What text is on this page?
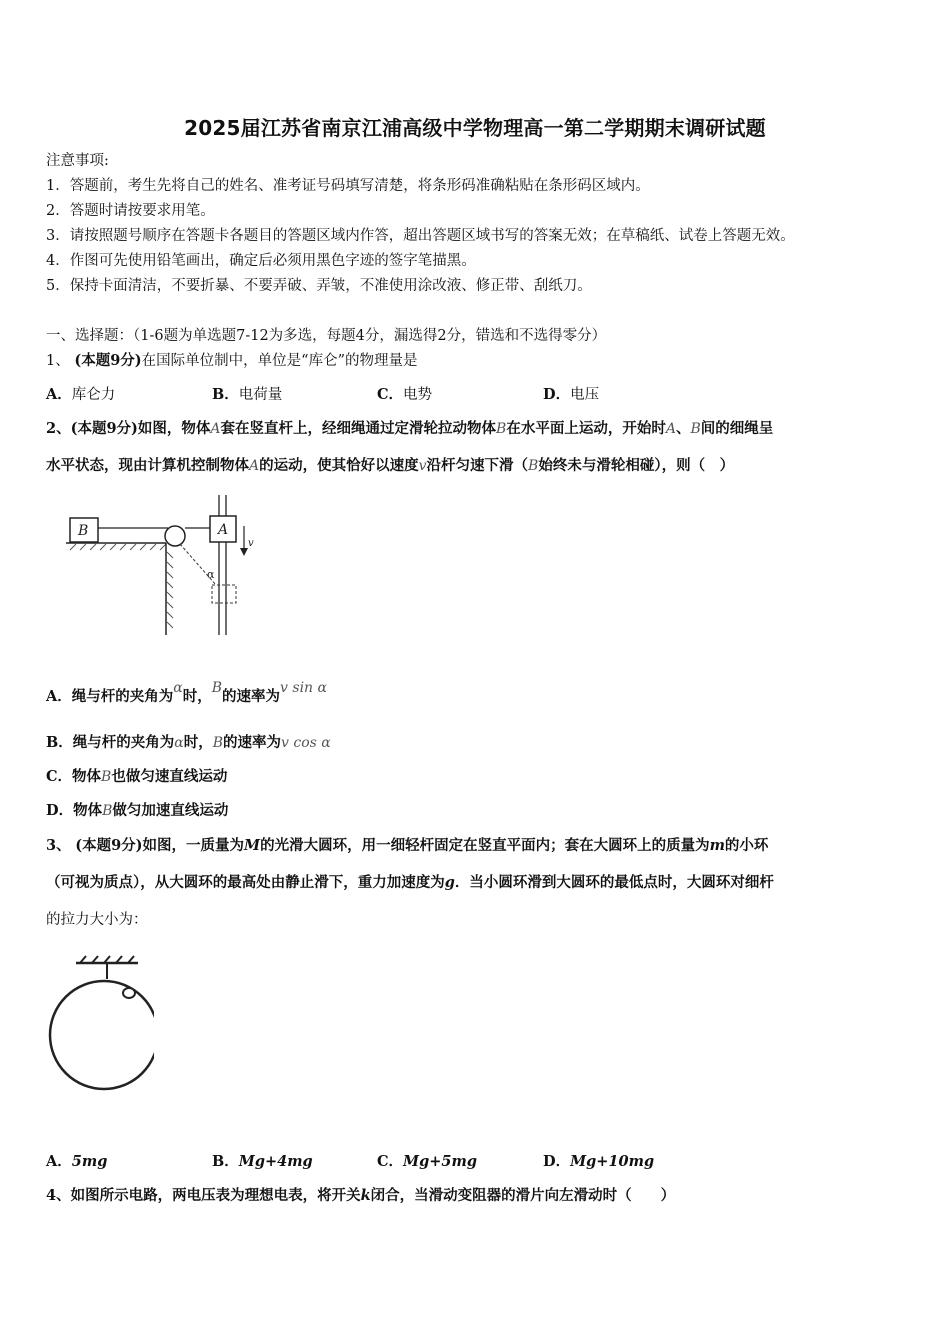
2025届江苏省南京江浦高级中学物理高一第二学期期末调研试题
注意事项:
1．答题前，考生先将自己的姓名、准考证号码填写清楚，将条形码准确粘贴在条形码区域内。
2．答题时请按要求用笔。
3．请按照题号顺序在答题卡各题目的答题区域内作答，超出答题区域书写的答案无效；在草稿纸、试卷上答题无效。
4．作图可先使用铅笔画出，确定后必须用黑色字迹的签字笔描黑。
5．保持卡面清洁，不要折暴、不要弄破、弄皱，不准使用涂改液、修正带、刮纸刀。
一、选择题：（1-6题为单选题7-12为多选，每题4分，漏选得2分，错选和不选得零分）
1、 (本题9分)在国际单位制中，单位是“库仑”的物理量是
A．库仑力	B．电荷量	C．电势	D．电压
2、(本题9分)如图，物体A套在竖直杆上，经细绳通过定滑轮拉动物体B在水平面上运动，开始时A、B间的细绳呈
水平状态，现由计算机控制物体A的运动，使其恰好以速度v沿杆匀速下滑（B始终未与滑轮相碰），则（　）
B	A
v
α
A．绳与杆的夹角为α时，B的速率为v sin α
B．绳与杆的夹角为α时，B的速率为v cos α
C．物体B也做匀速直线运动
D．物体B做匀加速直线运动
3、 (本题9分)如图，一质量为M的光滑大圆环，用一细轻杆固定在竖直平面内；套在大圆环上的质量为m的小环
（可视为质点），从大圆环的最高处由静止滑下，重力加速度为g．当小圆环滑到大圆环的最低点时，大圆环对细杆
的拉力大小为：
A．5mg	B．Mg+4mg	C．Mg+5mg	D．Mg+10mg
4、如图所示电路，两电压表为理想电表，将开关k闭合，当滑动变阻器的滑片向左滑动时（　　）
